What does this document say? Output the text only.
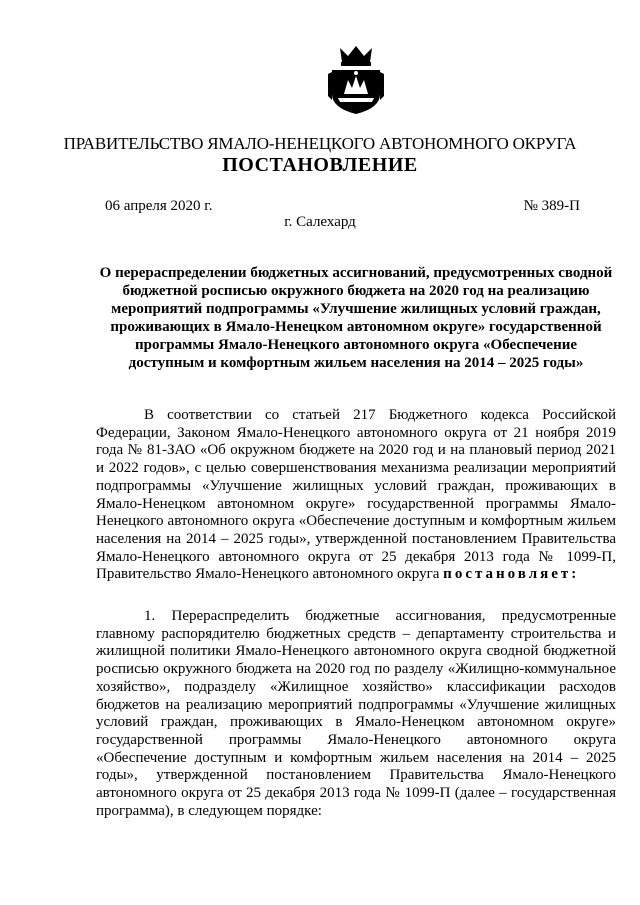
ПРАВИТЕЛЬСТВО ЯМАЛО-НЕНЕЦКОГО АВТОНОМНОГО ОКРУГА
ПОСТАНОВЛЕНИЕ
06 апреля 2020 г.	№ 389-П
г. Салехард
О перераспределении бюджетных ассигнований, предусмотренных сводной бюджетной росписью окружного бюджета на 2020 год на реализацию мероприятий подпрограммы «Улучшение жилищных условий граждан, проживающих в Ямало-Ненецком автономном округе» государственной программы Ямало-Ненецкого автономного округа «Обеспечение доступным и комфортным жильем населения на 2014 – 2025 годы»
В соответствии со статьей 217 Бюджетного кодекса Российской Федерации, Законом Ямало-Ненецкого автономного округа от 21 ноября 2019 года № 81-ЗАО «Об окружном бюджете на 2020 год и на плановый период 2021 и 2022 годов», с целью совершенствования механизма реализации мероприятий подпрограммы «Улучшение жилищных условий граждан, проживающих в Ямало-Ненецком автономном округе» государственной программы Ямало-Ненецкого автономного округа «Обеспечение доступным и комфортным жильем населения на 2014 – 2025 годы», утвержденной постановлением Правительства Ямало-Ненецкого автономного округа от 25 декабря 2013 года № 1099-П, Правительство Ямало-Ненецкого автономного округа постановляет:
1. Перераспределить бюджетные ассигнования, предусмотренные главному распорядителю бюджетных средств – департаменту строительства и жилищной политики Ямало-Ненецкого автономного округа сводной бюджетной росписью окружного бюджета на 2020 год по разделу «Жилищно-коммунальное хозяйство», подразделу «Жилищное хозяйство» классификации расходов бюджетов на реализацию мероприятий подпрограммы «Улучшение жилищных условий граждан, проживающих в Ямало-Ненецком автономном округе» государственной программы Ямало-Ненецкого автономного округа «Обеспечение доступным и комфортным жильем населения на 2014 – 2025 годы», утвержденной постановлением Правительства Ямало-Ненецкого автономного округа от 25 декабря 2013 года № 1099-П (далее – государственная программа), в следующем порядке:
